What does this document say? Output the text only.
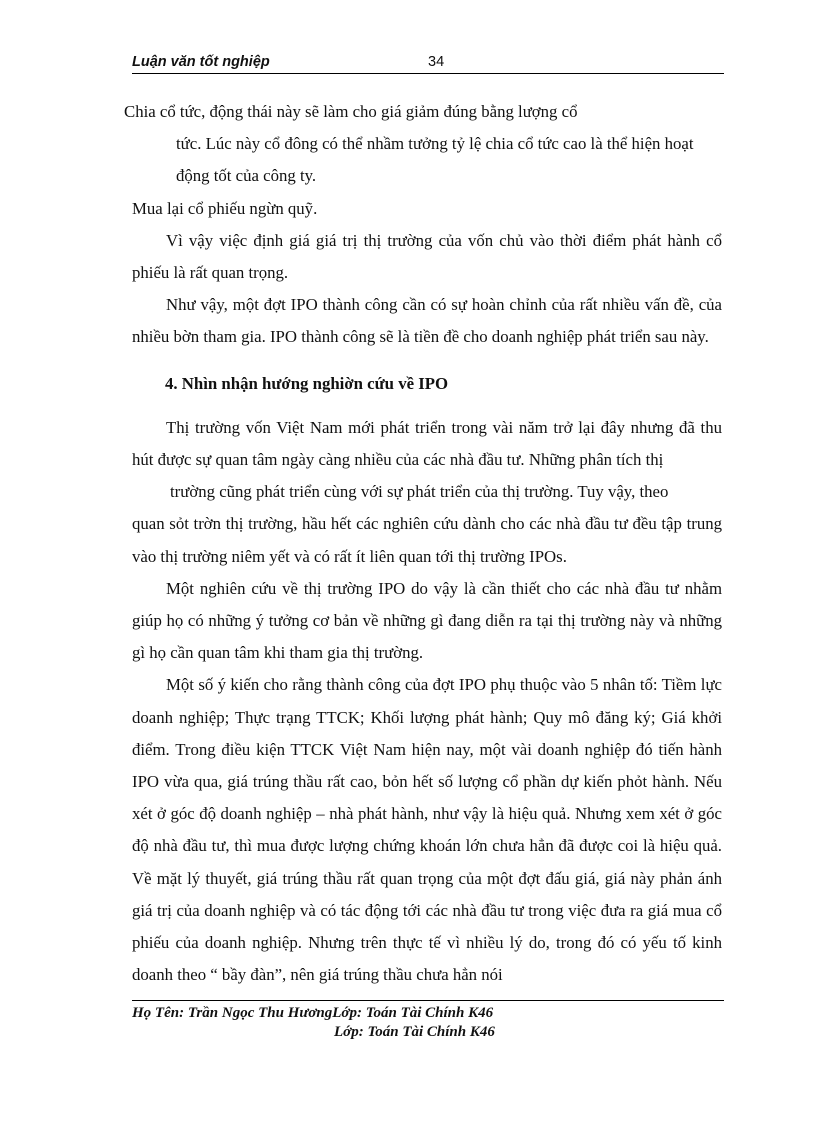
Luận văn tốt nghiệp	34

Chia cổ tức, động thái này sẽ làm cho giá giảm đúng bằng lượng cổ

tức. Lúc này cổ đông có thể nhầm tưởng tỷ lệ chia cổ tức cao là thể hiện hoạt
động tốt của công ty.

Mua lại cổ phiếu ngừn quỹ.

Vì vậy việc định giá giá trị thị trường của vốn chủ vào thời điểm phát hành cổ phiếu là rất quan trọng.

Như vậy, một đợt IPO thành công cần có sự hoàn chỉnh của rất nhiều vấn đề, của nhiều bờn tham gia. IPO thành công sẽ là tiền đề cho doanh nghiệp phát triển sau này.

4. Nhìn nhận hướng nghiờn cứu về IPO

Thị trường vốn Việt Nam mới phát triển trong vài năm trở lại đây nhưng đã thu hút được sự quan tâm ngày càng nhiều của các nhà đầu tư. Những phân tích thị

trường cũng phát triển cùng với sự phát triển của thị trường. Tuy vậy, theo

quan sỏt trờn thị trường, hầu hết các nghiên cứu dành cho các nhà đầu tư đều tập trung vào thị trường niêm yết và có rất ít liên quan tới thị trường IPOs.

Một nghiên cứu về thị trường IPO do vậy là cần thiết cho các nhà đầu tư nhằm giúp họ có những ý tưởng cơ bản về những gì đang diễn ra tại thị trường này và những gì họ cần quan tâm khi tham gia thị trường.

Một số ý kiến cho rằng thành công của đợt IPO phụ thuộc vào 5 nhân tố: Tiềm lực doanh nghiệp; Thực trạng TTCK; Khối lượng phát hành; Quy mô đăng ký; Giá khởi điểm. Trong điều kiện TTCK Việt Nam hiện nay, một vài doanh nghiệp đó tiến hành IPO vừa qua, giá trúng thầu rất cao, bỏn hết số lượng cổ phần dự kiến phỏt hành. Nếu xét ở góc độ doanh nghiệp – nhà phát hành, như vậy là hiệu quả. Nhưng xem xét ở góc độ nhà đầu tư, thì mua được lượng chứng khoán lớn chưa hẳn đã được coi là hiệu quả. Về mặt lý thuyết, giá trúng thầu rất quan trọng của một đợt đấu giá, giá này phản ánh giá trị của doanh nghiệp và có tác động tới các nhà đầu tư trong việc đưa ra giá mua cổ phiếu của doanh nghiệp. Nhưng trên thực tế vì nhiều lý do, trong đó có yếu tố kinh doanh theo “ bầy đàn”, nên giá trúng thầu chưa hẳn nói

Họ Tên: Trần Ngọc Thu HươngLớp: Toán Tài Chính K46
Lớp: Toán Tài Chính K46
